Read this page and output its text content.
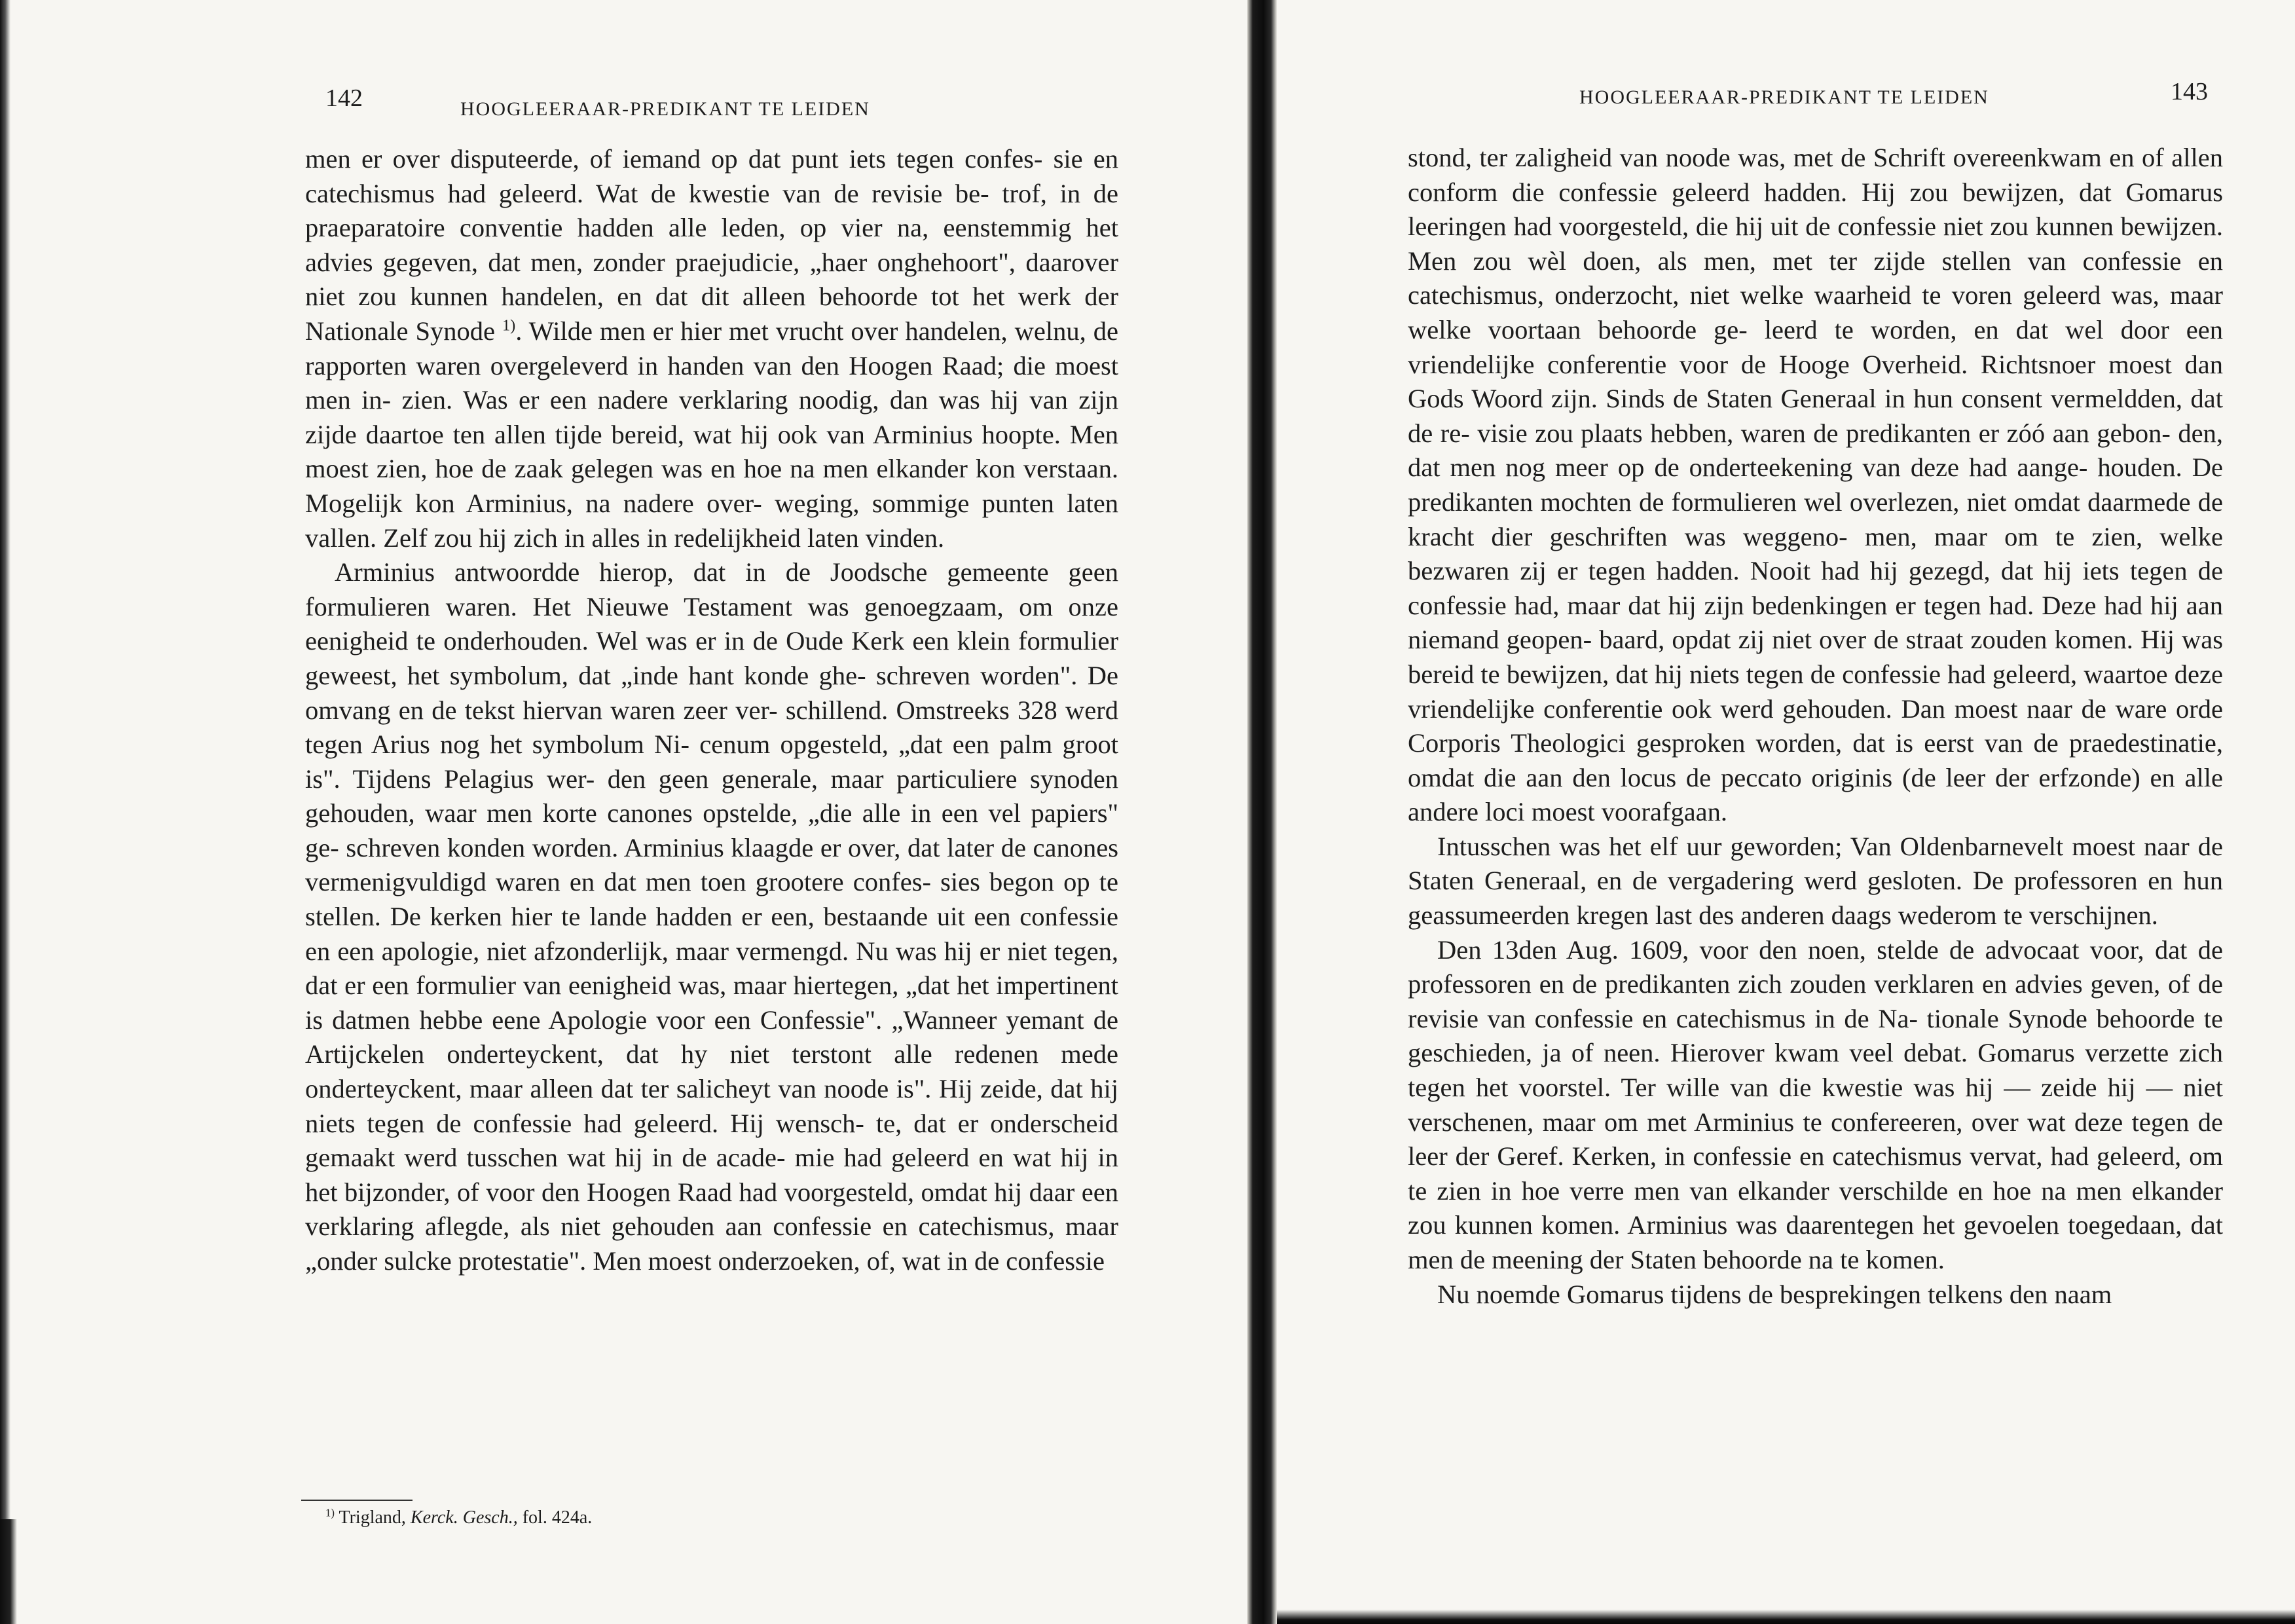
142	HOOGLEERAAR-PREDIKANT TE LEIDEN

men er over disputeerde, of iemand op dat punt iets tegen confes- sie en catechismus had geleerd. Wat de kwestie van de revisie be- trof, in de praeparatoire conventie hadden alle leden, op vier na, eenstemmig het advies gegeven, dat men, zonder praejudicie, „haer onghehoort", daarover niet zou kunnen handelen, en dat dit alleen behoorde tot het werk der Nationale Synode $^{1)}$. Wilde men er hier met vrucht over handelen, welnu, de rapporten waren overgeleverd in handen van den Hoogen Raad; die moest men in- zien. Was er een nadere verklaring noodig, dan was hij van zijn zijde daartoe ten allen tijde bereid, wat hij ook van Arminius hoopte. Men moest zien, hoe de zaak gelegen was en hoe na men elkander kon verstaan. Mogelijk kon Arminius, na nadere over- weging, sommige punten laten vallen. Zelf zou hij zich in alles in redelijkheid laten vinden.

Arminius antwoordde hierop, dat in de Joodsche gemeente geen formulieren waren. Het Nieuwe Testament was genoegzaam, om onze eenigheid te onderhouden. Wel was er in de Oude Kerk een klein formulier geweest, het symbolum, dat „inde hant konde ghe- schreven worden". De omvang en de tekst hiervan waren zeer ver- schillend. Omstreeks 328 werd tegen Arius nog het symbolum Ni- cenum opgesteld, „dat een palm groot is". Tijdens Pelagius wer- den geen generale, maar particuliere synoden gehouden, waar men korte canones opstelde, „die alle in een vel papiers" ge- schreven konden worden. Arminius klaagde er over, dat later de canones vermenigvuldigd waren en dat men toen grootere confes- sies begon op te stellen. De kerken hier te lande hadden er een, bestaande uit een confessie en een apologie, niet afzonderlijk, maar vermengd. Nu was hij er niet tegen, dat er een formulier van eenigheid was, maar hiertegen, „dat het impertinent is datmen hebbe eene Apologie voor een Confessie". „Wanneer yemant de Artijckelen onderteyckent, dat hy niet terstont alle redenen mede onderteyckent, maar alleen dat ter salicheyt van noode is". Hij zeide, dat hij niets tegen de confessie had geleerd. Hij wensch- te, dat er onderscheid gemaakt werd tusschen wat hij in de acade- mie had geleerd en wat hij in het bijzonder, of voor den Hoogen Raad had voorgesteld, omdat hij daar een verklaring aflegde, als niet gehouden aan confessie en catechismus, maar „onder sulcke protestatie". Men moest onderzoeken, of, wat in de confessie

$^{1)}$ Trigland, Kerck. Gesch., fol. 424a.
HOOGLEERAAR-PREDIKANT TE LEIDEN	143

stond, ter zaligheid van noode was, met de Schrift overeenkwam en of allen conform die confessie geleerd hadden. Hij zou bewijzen, dat Gomarus leeringen had voorgesteld, die hij uit de confessie niet zou kunnen bewijzen. Men zou wèl doen, als men, met ter zijde stellen van confessie en catechismus, onderzocht, niet welke waarheid te voren geleerd was, maar welke voortaan behoorde ge- leerd te worden, en dat wel door een vriendelijke conferentie voor de Hooge Overheid. Richtsnoer moest dan Gods Woord zijn. Sinds de Staten Generaal in hun consent vermeldden, dat de re- visie zou plaats hebben, waren de predikanten er zóó aan gebon- den, dat men nog meer op de onderteekening van deze had aange- houden. De predikanten mochten de formulieren wel overlezen, niet omdat daarmede de kracht dier geschriften was weggeno- men, maar om te zien, welke bezwaren zij er tegen hadden. Nooit had hij gezegd, dat hij iets tegen de confessie had, maar dat hij zijn bedenkingen er tegen had. Deze had hij aan niemand geopen- baard, opdat zij niet over de straat zouden komen. Hij was bereid te bewijzen, dat hij niets tegen de confessie had geleerd, waartoe deze vriendelijke conferentie ook werd gehouden. Dan moest naar de ware orde Corporis Theologici gesproken worden, dat is eerst van de praedestinatie, omdat die aan den locus de peccato originis (de leer der erfzonde) en alle andere loci moest voorafgaan.

Intusschen was het elf uur geworden; Van Oldenbarnevelt moest naar de Staten Generaal, en de vergadering werd gesloten. De professoren en hun geassumeerden kregen last des anderen daags wederom te verschijnen.

Den 13den Aug. 1609, voor den noen, stelde de advocaat voor, dat de professoren en de predikanten zich zouden verklaren en advies geven, of de revisie van confessie en catechismus in de Na- tionale Synode behoorde te geschieden, ja of neen. Hierover kwam veel debat. Gomarus verzette zich tegen het voorstel. Ter wille van die kwestie was hij — zeide hij — niet verschenen, maar om met Arminius te confereeren, over wat deze tegen de leer der Geref. Kerken, in confessie en catechismus vervat, had geleerd, om te zien in hoe verre men van elkander verschilde en hoe na men elkander zou kunnen komen. Arminius was daarentegen het gevoelen toegedaan, dat men de meening der Staten behoorde na te komen.

Nu noemde Gomarus tijdens de besprekingen telkens den naam
